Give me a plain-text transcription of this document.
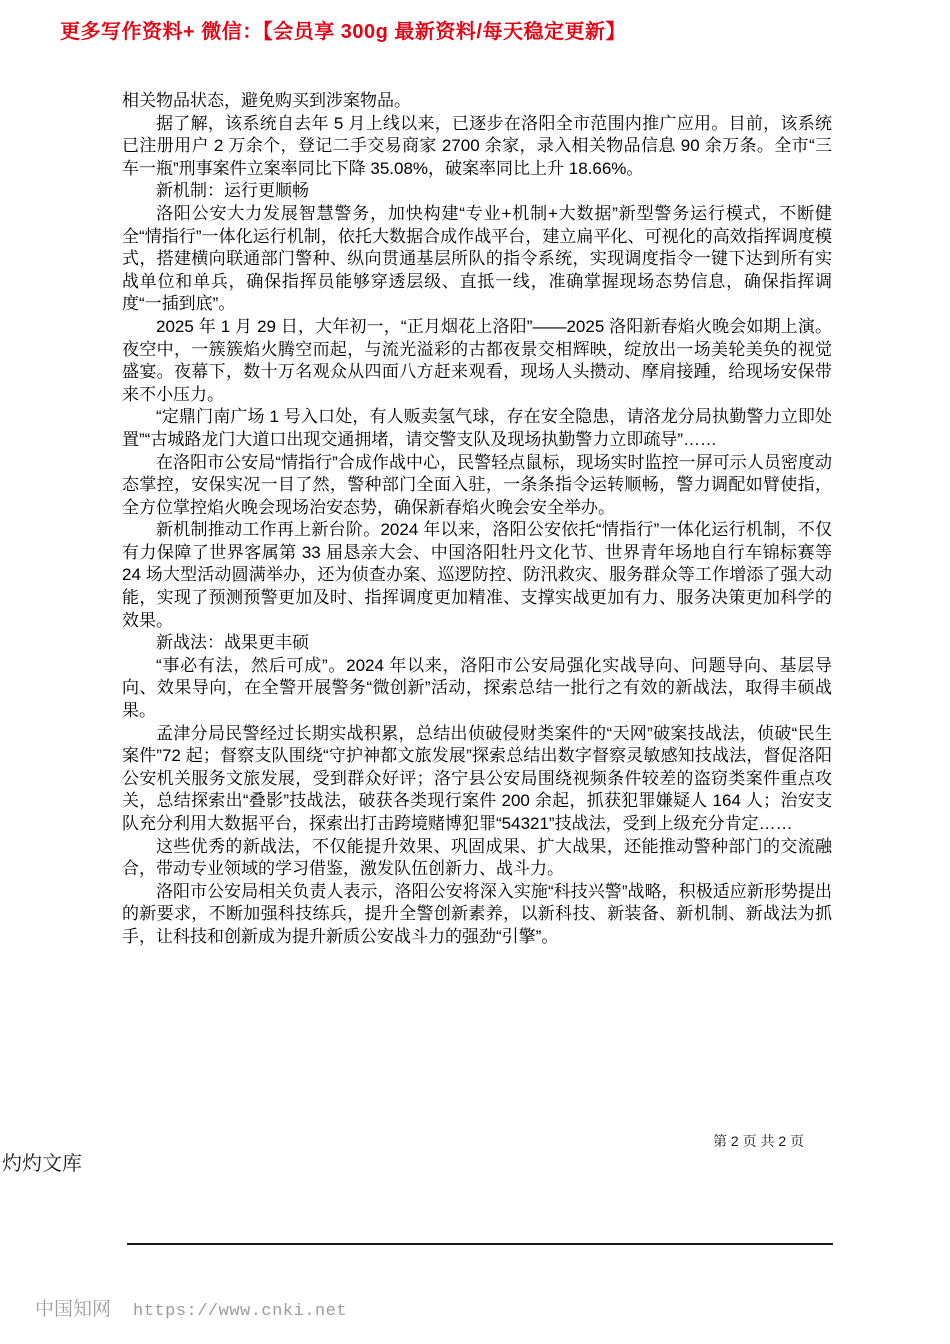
更多写作资料+ 微信：【会员享 300g 最新资料/每天稳定更新】

相关物品状态，避免购买到涉案物品。

据了解，该系统自去年 5 月上线以来，已逐步在洛阳全市范围内推广应用。目前，该系统已注册用户 2 万余个，登记二手交易商家 2700 余家，录入相关物品信息 90 余万条。全市“三车一瓶”刑事案件立案率同比下降 35.08%，破案率同比上升 18.66%。

新机制：运行更顺畅

洛阳公安大力发展智慧警务，加快构建“专业+机制+大数据”新型警务运行模式，不断健全“情指行”一体化运行机制，依托大数据合成作战平台，建立扁平化、可视化的高效指挥调度模式，搭建横向联通部门警种、纵向贯通基层所队的指令系统，实现调度指令一键下达到所有实战单位和单兵，确保指挥员能够穿透层级、直抵一线，准确掌握现场态势信息，确保指挥调度“一插到底”。

2025 年 1 月 29 日，大年初一，“正月烟花上洛阳”——2025 洛阳新春焰火晚会如期上演。夜空中，一簇簇焰火腾空而起，与流光溢彩的古都夜景交相辉映，绽放出一场美轮美奂的视觉盛宴。夜幕下，数十万名观众从四面八方赶来观看，现场人头攒动、摩肩接踵，给现场安保带来不小压力。

“定鼎门南广场 1 号入口处，有人贩卖氢气球，存在安全隐患，请洛龙分局执勤警力立即处置”“古城路龙门大道口出现交通拥堵，请交警支队及现场执勤警力立即疏导”……

在洛阳市公安局“情指行”合成作战中心，民警轻点鼠标，现场实时监控一屏可示人员密度动态掌控，安保实况一目了然，警种部门全面入驻，一条条指令运转顺畅，警力调配如臂使指，全方位掌控焰火晚会现场治安态势，确保新春焰火晚会安全举办。

新机制推动工作再上新台阶。2024 年以来，洛阳公安依托“情指行”一体化运行机制，不仅有力保障了世界客属第 33 届恳亲大会、中国洛阳牡丹文化节、世界青年场地自行车锦标赛等 24 场大型活动圆满举办，还为侦查办案、巡逻防控、防汛救灾、服务群众等工作增添了强大动能，实现了预测预警更加及时、指挥调度更加精准、支撑实战更加有力、服务决策更加科学的效果。

新战法：战果更丰硕

“事必有法，然后可成”。2024 年以来，洛阳市公安局强化实战导向、问题导向、基层导向、效果导向，在全警开展警务“微创新”活动，探索总结一批行之有效的新战法，取得丰硕战果。

孟津分局民警经过长期实战积累，总结出侦破侵财类案件的“天网”破案技战法，侦破“民生案件”72 起；督察支队围绕“守护神都文旅发展”探索总结出数字督察灵敏感知技战法，督促洛阳公安机关服务文旅发展，受到群众好评；洛宁县公安局围绕视频条件较差的盗窃类案件重点攻关，总结探索出“叠影”技战法，破获各类现行案件 200 余起，抓获犯罪嫌疑人 164 人；治安支队充分利用大数据平台，探索出打击跨境赌博犯罪“54321”技战法，受到上级充分肯定……

这些优秀的新战法，不仅能提升效果、巩固成果、扩大战果，还能推动警种部门的交流融合，带动专业领域的学习借鉴，激发队伍创新力、战斗力。

洛阳市公安局相关负责人表示，洛阳公安将深入实施“科技兴警”战略，积极适应新形势提出的新要求，不断加强科技练兵，提升全警创新素养，以新科技、新装备、新机制、新战法为抓手，让科技和创新成为提升新质公安战斗力的强劲“引擎”。

第 2 页 共 2 页
灼灼文库
中国知网 https://www.cnki.net
